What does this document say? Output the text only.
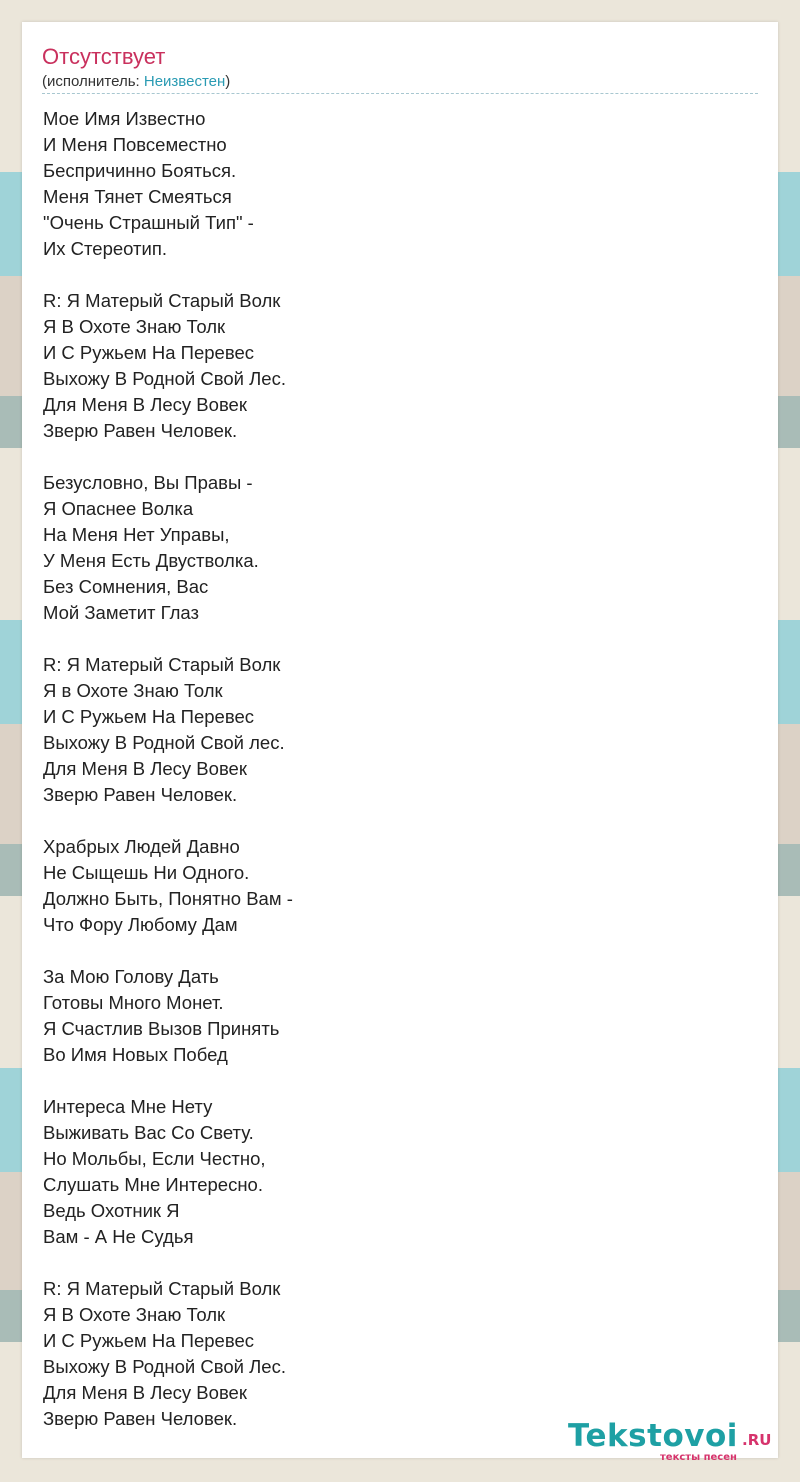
Отсутствует
(исполнитель: Неизвестен)
Мое Имя Известно
И Меня Повсеместно
Беспричинно Бояться.
Меня Тянет Смеяться
"Очень Страшный Тип" -
Их Стереотип.
R: Я Матерый Старый Волк
Я В Охоте Знаю Толк
И С Ружьем На Перевес
Выхожу В Родной Свой Лес.
Для Меня В Лесу Вовек
Зверю Равен Человек.
Безусловно, Вы Правы -
Я Опаснее Волка
На Меня Нет Управы,
У Меня Есть Двустволка.
Без Сомнения, Вас
Мой Заметит Глаз
R: Я Матерый Старый Волк
Я в Охоте Знаю Толк
И С Ружьем На Перевес
Выхожу В Родной Свой лес.
Для Меня В Лесу Вовек
Зверю Равен Человек.
Храбрых Людей Давно
Не Сыщешь Ни Одного.
Должно Быть, Понятно Вам -
Что Фору Любому Дам
За Мою Голову Дать
Готовы Много Монет.
Я Счастлив Вызов Принять
Во Имя Новых Побед
Интереса Мне Нету
Выживать Вас Со Свету.
Но Мольбы, Если Честно,
Слушать Мне Интересно.
Ведь Охотник Я
Вам - А Не Судья
R: Я Матерый Старый Волк
Я В Охоте Знаю Толк
И С Ружьем На Перевес
Выхожу В Родной Свой Лес.
Для Меня В Лесу Вовек
Зверю Равен Человек.	Tekstovoi .RU
тексты песен
